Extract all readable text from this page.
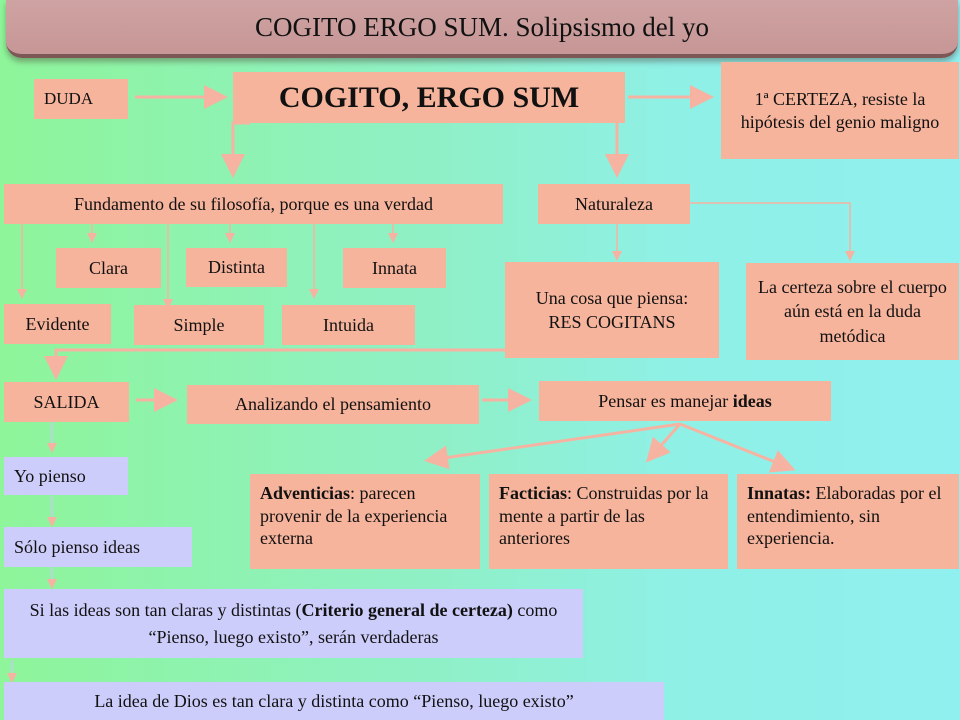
COGITO ERGO SUM. Solipsismo del yo
DUDA	COGITO, ERGO SUM	1ª CERTEZA, resiste la hipótesis del genio maligno
Fundamento de su filosofía, porque es una verdad	Naturaleza
Clara	Distinta	Innata
Evidente	Simple	Intuida
Una cosa que piensa: RES COGITANS
La certeza sobre el cuerpo aún está en la duda metódica
SALIDA	Analizando el pensamiento	Pensar es manejar ideas
Adventicias: parecen provenir de la experiencia externa
Facticias: Construidas por la mente a partir de las anteriores
Innatas: Elaboradas por el entendimiento, sin experiencia.
Yo pienso
Sólo pienso ideas
Si las ideas son tan claras y distintas (Criterio general de certeza) como “Pienso, luego existo”, serán verdaderas
La idea de Dios es tan clara y distinta como “Pienso, luego existo”
